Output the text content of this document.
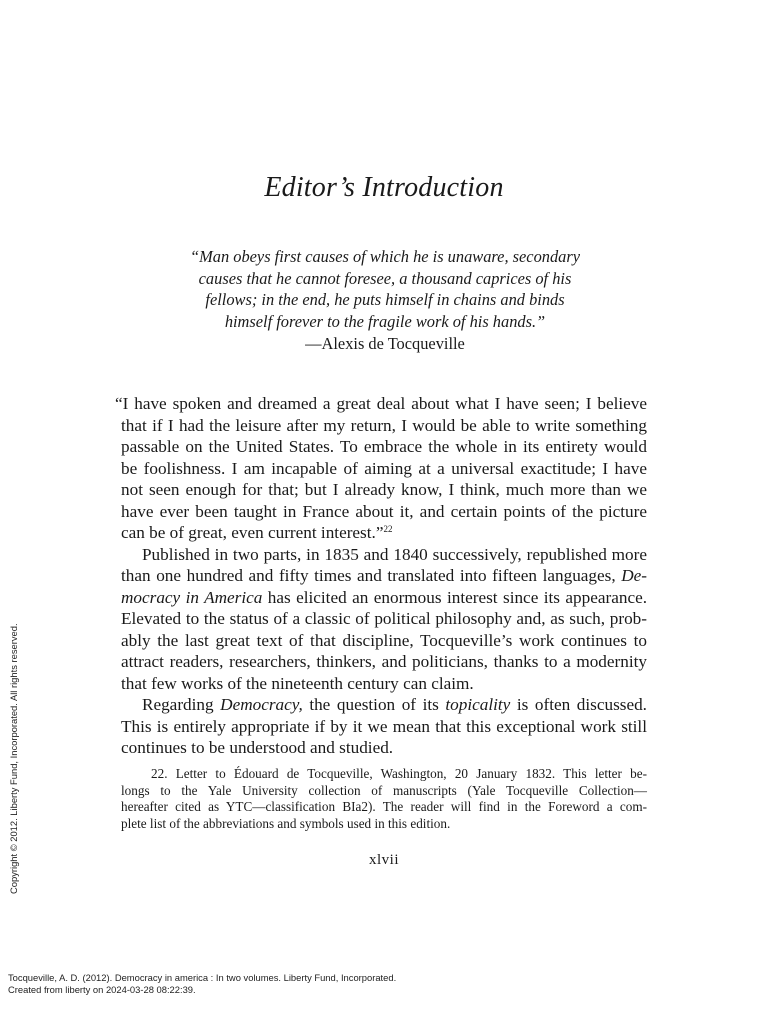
Editor’s Introduction
“Man obeys first causes of which he is unaware, secondary
causes that he cannot foresee, a thousand caprices of his
fellows; in the end, he puts himself in chains and binds
himself forever to the fragile work of his hands.”
—Alexis de Tocqueville
“I have spoken and dreamed a great deal about what I have seen; I believe
that if I had the leisure after my return, I would be able to write something
passable on the United States. To embrace the whole in its entirety would
be foolishness. I am incapable of aiming at a universal exactitude; I have
not seen enough for that; but I already know, I think, much more than we
have ever been taught in France about it, and certain points of the picture
can be of great, even current interest.”$^{22}$
Published in two parts, in 1835 and 1840 successively, republished more
than one hundred and fifty times and translated into fifteen languages, De-
mocracy in America has elicited an enormous interest since its appearance.
Elevated to the status of a classic of political philosophy and, as such, prob-
ably the last great text of that discipline, Tocqueville’s work continues to
attract readers, researchers, thinkers, and politicians, thanks to a modernity
that few works of the nineteenth century can claim.
Regarding Democracy, the question of its topicality is often discussed.
This is entirely appropriate if by it we mean that this exceptional work still
continues to be understood and studied.
22. Letter to Édouard de Tocqueville, Washington, 20 January 1832. This letter be-
longs to the Yale University collection of manuscripts (Yale Tocqueville Collection—
hereafter cited as YTC—classification BIa2). The reader will find in the Foreword a com-
plete list of the abbreviations and symbols used in this edition.
xlvii
Copyright © 2012. Liberty Fund, Incorporated. All rights reserved.
Tocqueville, A. D. (2012). Democracy in america : In two volumes. Liberty Fund, Incorporated.
Created from liberty on 2024-03-28 08:22:39.
